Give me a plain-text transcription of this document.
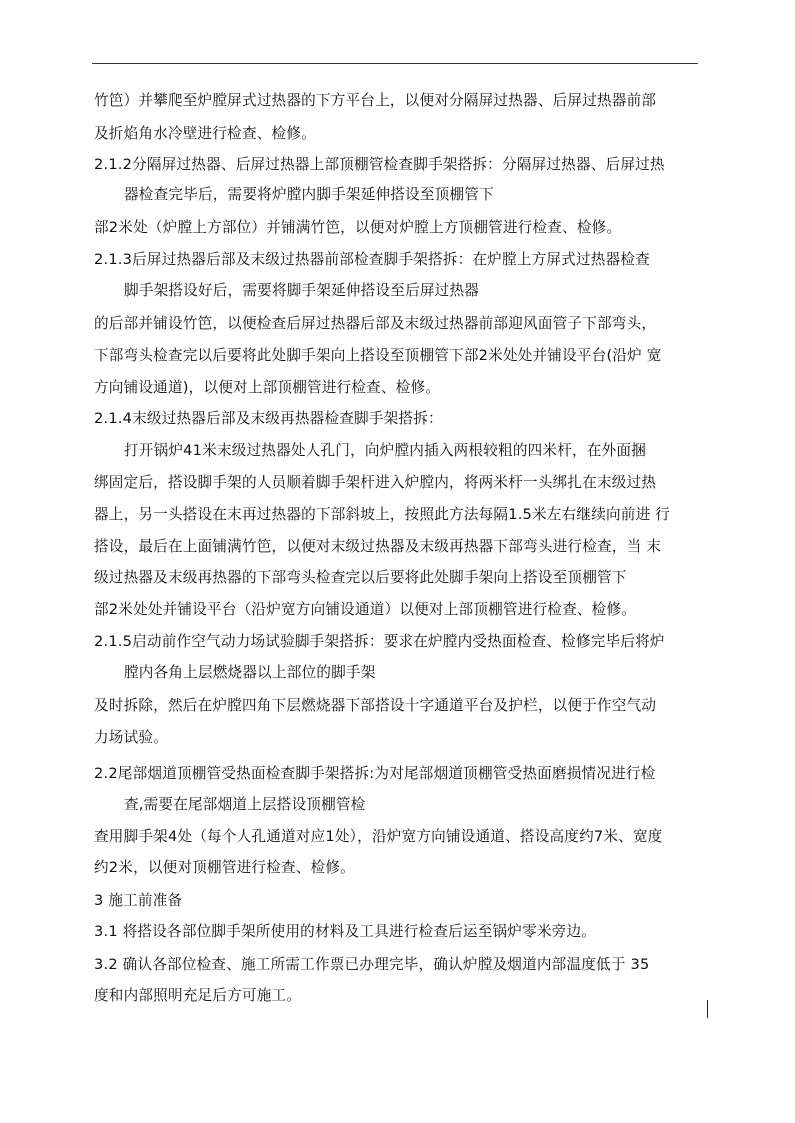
竹笆）并攀爬至炉膛屏式过热器的下方平台上，以便对分隔屏过热器、后屏过热器前部
及折焰角水冷壁进行检查、检修。
2.1.2分隔屏过热器、后屏过热器上部顶棚管检查脚手架搭拆：分隔屏过热器、后屏过热
器检查完毕后，需要将炉膛内脚手架延伸搭设至顶棚管下
部2米处（炉膛上方部位）并铺满竹笆，以便对炉膛上方顶棚管进行检查、检修。
2.1.3后屏过热器后部及末级过热器前部检查脚手架搭拆：在炉膛上方屏式过热器检查
脚手架搭设好后，需要将脚手架延伸搭设至后屏过热器
的后部并铺设竹笆，以便检查后屏过热器后部及末级过热器前部迎风面管子下部弯头，
下部弯头检查完以后要将此处脚手架向上搭设至顶棚管下部2米处处并铺设平台(沿炉 宽
方向铺设通道)，以便对上部顶棚管进行检查、检修。
2.1.4末级过热器后部及末级再热器检查脚手架搭拆：
打开锅炉41米末级过热器处人孔门，向炉膛内插入两根较粗的四米杆，在外面捆
绑固定后，搭设脚手架的人员顺着脚手架杆进入炉膛内，将两米杆一头绑扎在末级过热
器上，另一头搭设在末再过热器的下部斜坡上，按照此方法每隔1.5米左右继续向前进 行
搭设，最后在上面铺满竹笆，以便对末级过热器及末级再热器下部弯头进行检查，当 末
级过热器及末级再热器的下部弯头检查完以后要将此处脚手架向上搭设至顶棚管下
部2米处处并铺设平台（沿炉宽方向铺设通道）以便对上部顶棚管进行检查、检修。
2.1.5启动前作空气动力场试验脚手架搭拆：要求在炉膛内受热面检查、检修完毕后将炉
膛内各角上层燃烧器以上部位的脚手架
及时拆除，然后在炉膛四角下层燃烧器下部搭设十字通道平台及护栏，以便于作空气动
力场试验。
2.2尾部烟道顶棚管受热面检查脚手架搭拆:为对尾部烟道顶棚管受热面磨损情况进行检
查,需要在尾部烟道上层搭设顶棚管检
查用脚手架4处（每个人孔通道对应1处），沿炉宽方向铺设通道、搭设高度约7米、宽度
约2米，以便对顶棚管进行检查、检修。
3 施工前准备
3.1 将搭设各部位脚手架所使用的材料及工具进行检查后运至锅炉零米旁边。
3.2 确认各部位检查、施工所需工作票已办理完毕，确认炉膛及烟道内部温度低于 35
度和内部照明充足后方可施工。
